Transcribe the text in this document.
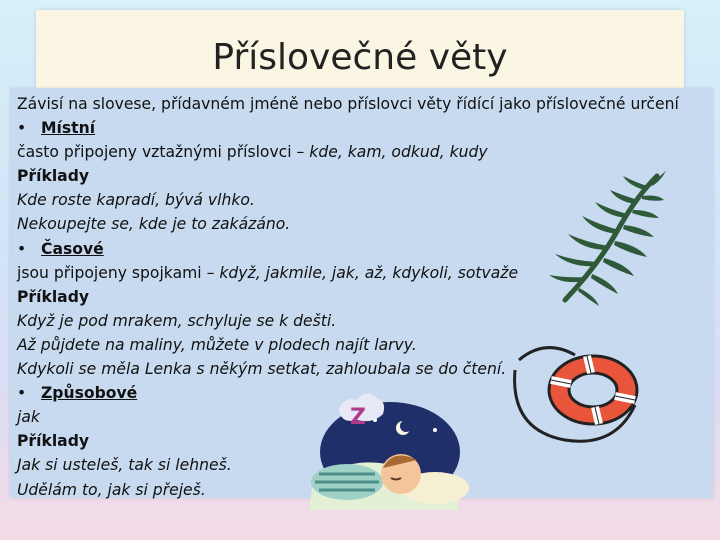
Příslovečné věty
Závisí na slovese, přídavném jméně nebo příslovci věty řídící jako příslovečné určení
• Místní
často připojeny vztažnými příslovci – kde, kam, odkud, kudy
Příklady
Kde roste kapradí, bývá vlhko.
Nekoupejte se, kde je to zakázáno.
• Časové
jsou připojeny spojkami – když, jakmile, jak, až, kdykoli, sotvaže
Příklady
Když je pod mrakem, schyluje se k dešti.
Až půjdete na maliny, můžete v plodech najít larvy.
Kdykoli se měla Lenka s někým setkat, zahloubala se do čtení.
• Způsobové
jak
Příklady
Jak si usteleš, tak si lehneš.
Udělám to, jak si přeješ.
Z
